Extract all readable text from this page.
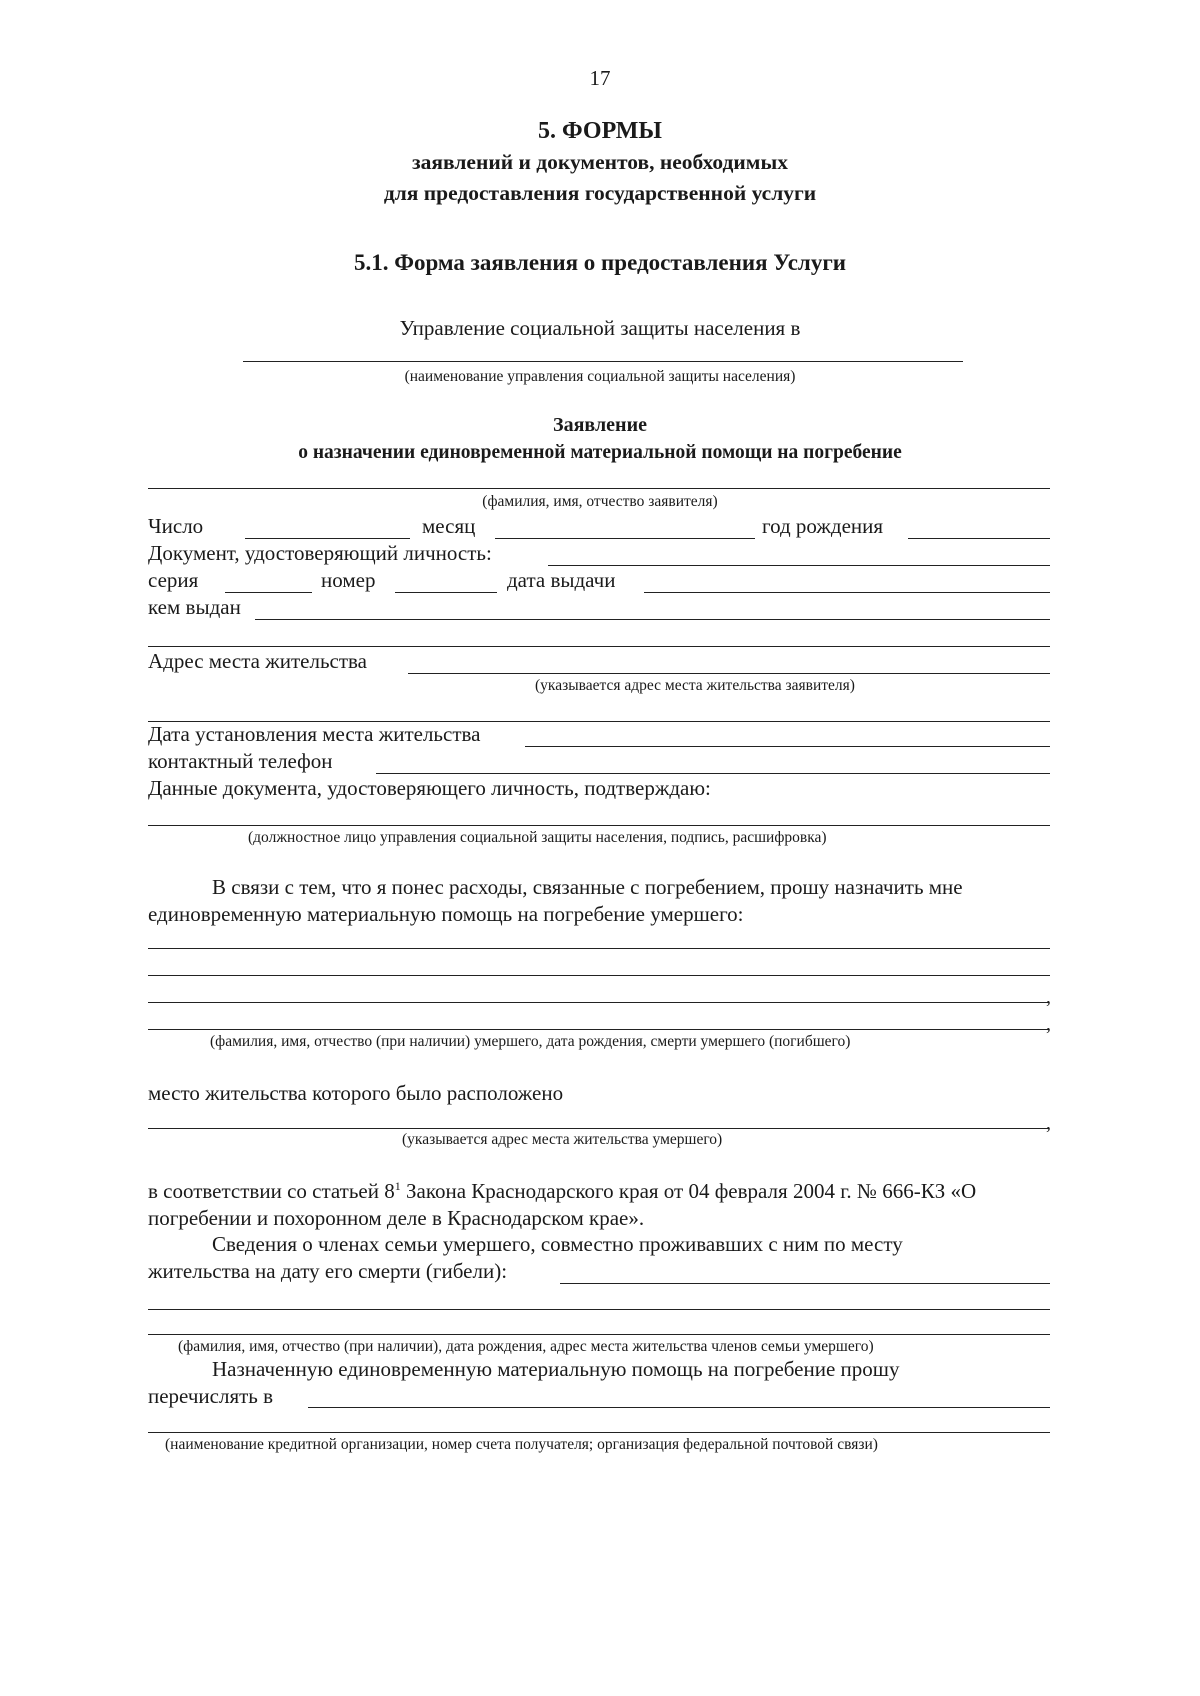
17
5. ФОРМЫ
заявлений и документов, необходимых
для предоставления государственной услуги
5.1. Форма заявления о предоставления Услуги
Управление социальной защиты населения в
(наименование управления социальной защиты населения)
Заявление
о назначении единовременной материальной помощи на погребение
(фамилия, имя, отчество заявителя)
Число	месяц	год рождения
Документ, удостоверяющий личность:
серия	номер	дата выдачи
кем выдан
Адрес места жительства
(указывается адрес места жительства заявителя)
Дата установления места жительства
контактный телефон
Данные документа, удостоверяющего личность, подтверждаю:
(должностное лицо управления социальной защиты населения, подпись, расшифровка)
В связи с тем, что я понес расходы, связанные с погребением, прошу назначить мне
единовременную материальную помощь на погребение умершего:
,
,
(фамилия, имя, отчество (при наличии) умершего, дата рождения, смерти умершего (погибшего)
место жительства которого было расположено
,
(указывается адрес места жительства умершего)
в соответствии со статьей $8^1$ Закона Краснодарского края от 04 февраля 2004 г. № 666-КЗ «О
погребении и похоронном деле в Краснодарском крае».
Сведения о членах семьи умершего, совместно проживавших с ним по месту
жительства на дату его смерти (гибели):
(фамилия, имя, отчество (при наличии), дата рождения, адрес места жительства членов семьи умершего)
Назначенную единовременную материальную помощь на погребение прошу
перечислять в
(наименование кредитной организации, номер счета получателя; организация федеральной почтовой связи)
